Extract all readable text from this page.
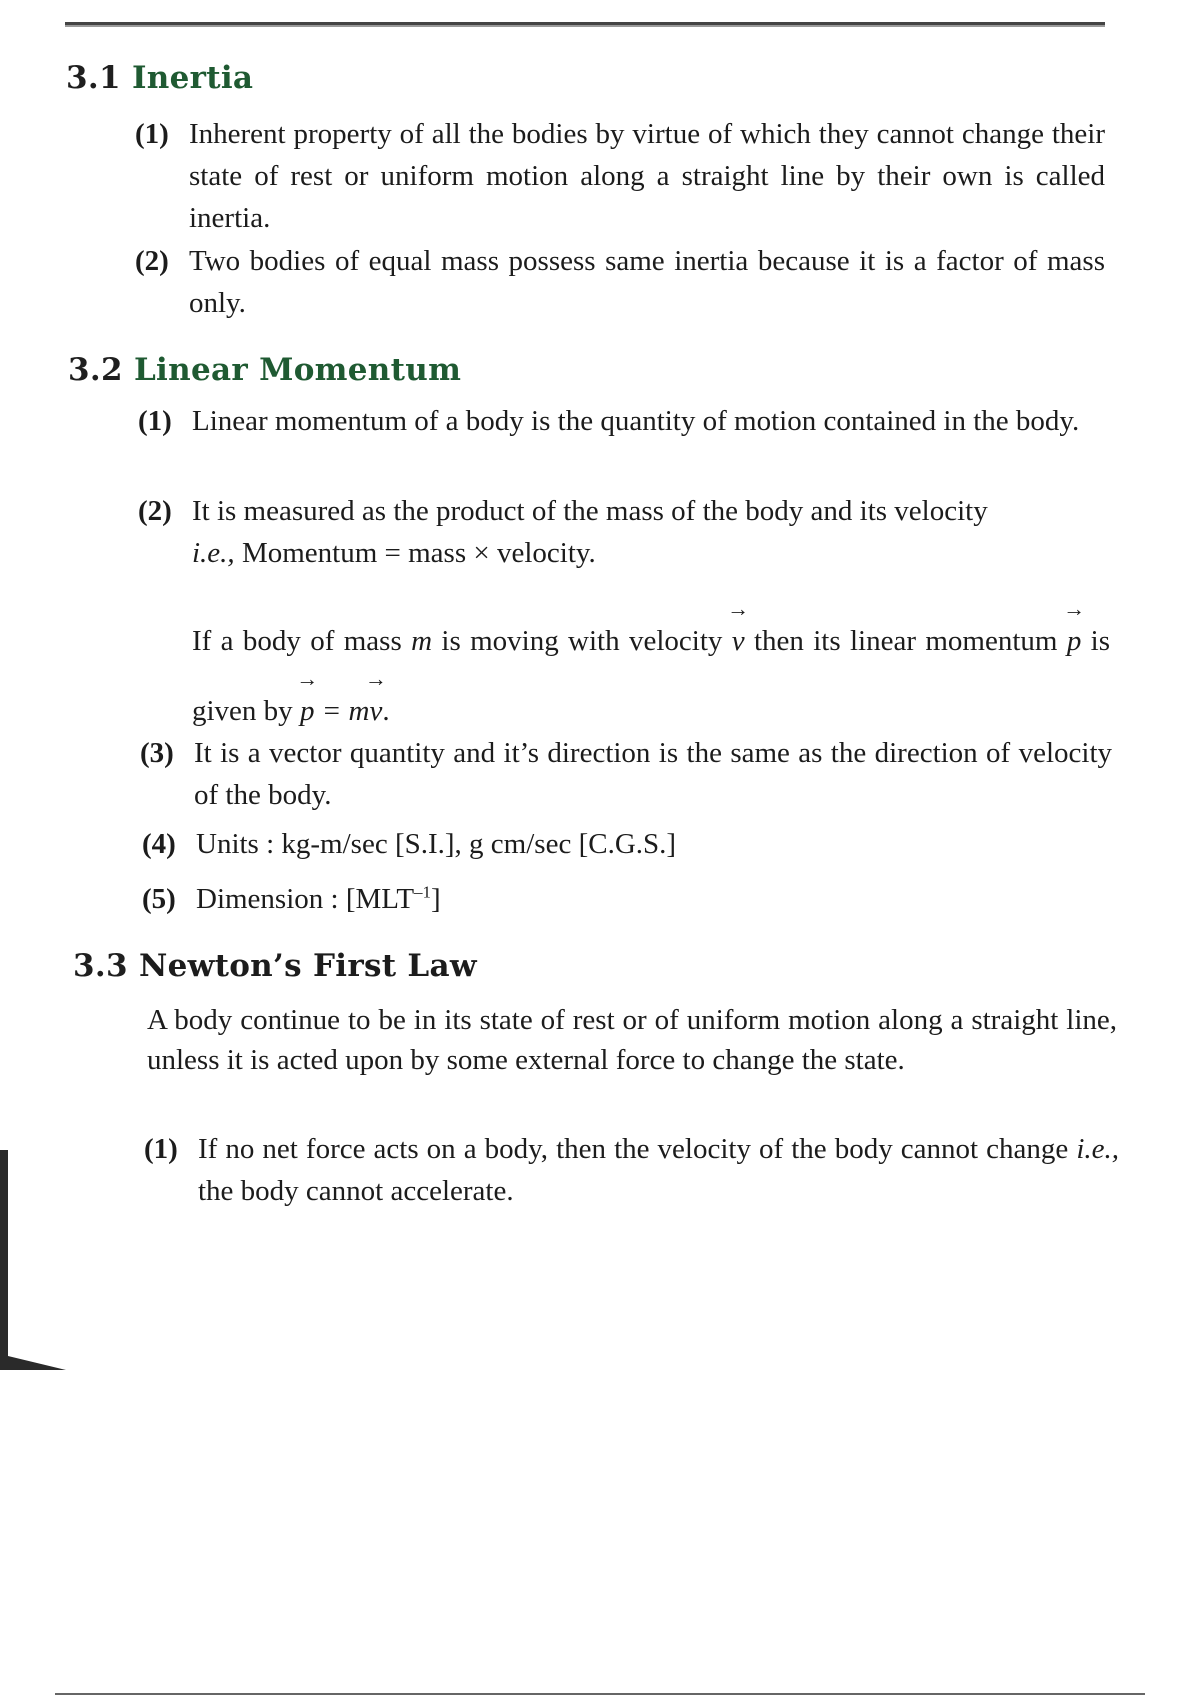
3.1 Inertia
(1) Inherent property of all the bodies by virtue of which they cannot change their state of rest or uniform motion along a straight line by their own is called inertia.
(2) Two bodies of equal mass possess same inertia because it is a factor of mass only.
3.2 Linear Momentum
(1) Linear momentum of a body is the quantity of motion contained in the body.
(2) It is measured as the product of the mass of the body and its velocity
i.e., Momentum = mass × velocity.
If a body of mass m is moving with velocity → v then its linear momentum → p is given by → p = m→ v.
(3) It is a vector quantity and it’s direction is the same as the direction of velocity of the body.
(4) Units : kg-m/sec [S.I.], g cm/sec [C.G.S.]
(5) Dimension : $[MLT^{-1}]$
3.3 Newton’s First Law
A body continue to be in its state of rest or of uniform motion along a straight line, unless it is acted upon by some external force to change the state.
(1) If no net force acts on a body, then the velocity of the body cannot change i.e., the body cannot accelerate.
